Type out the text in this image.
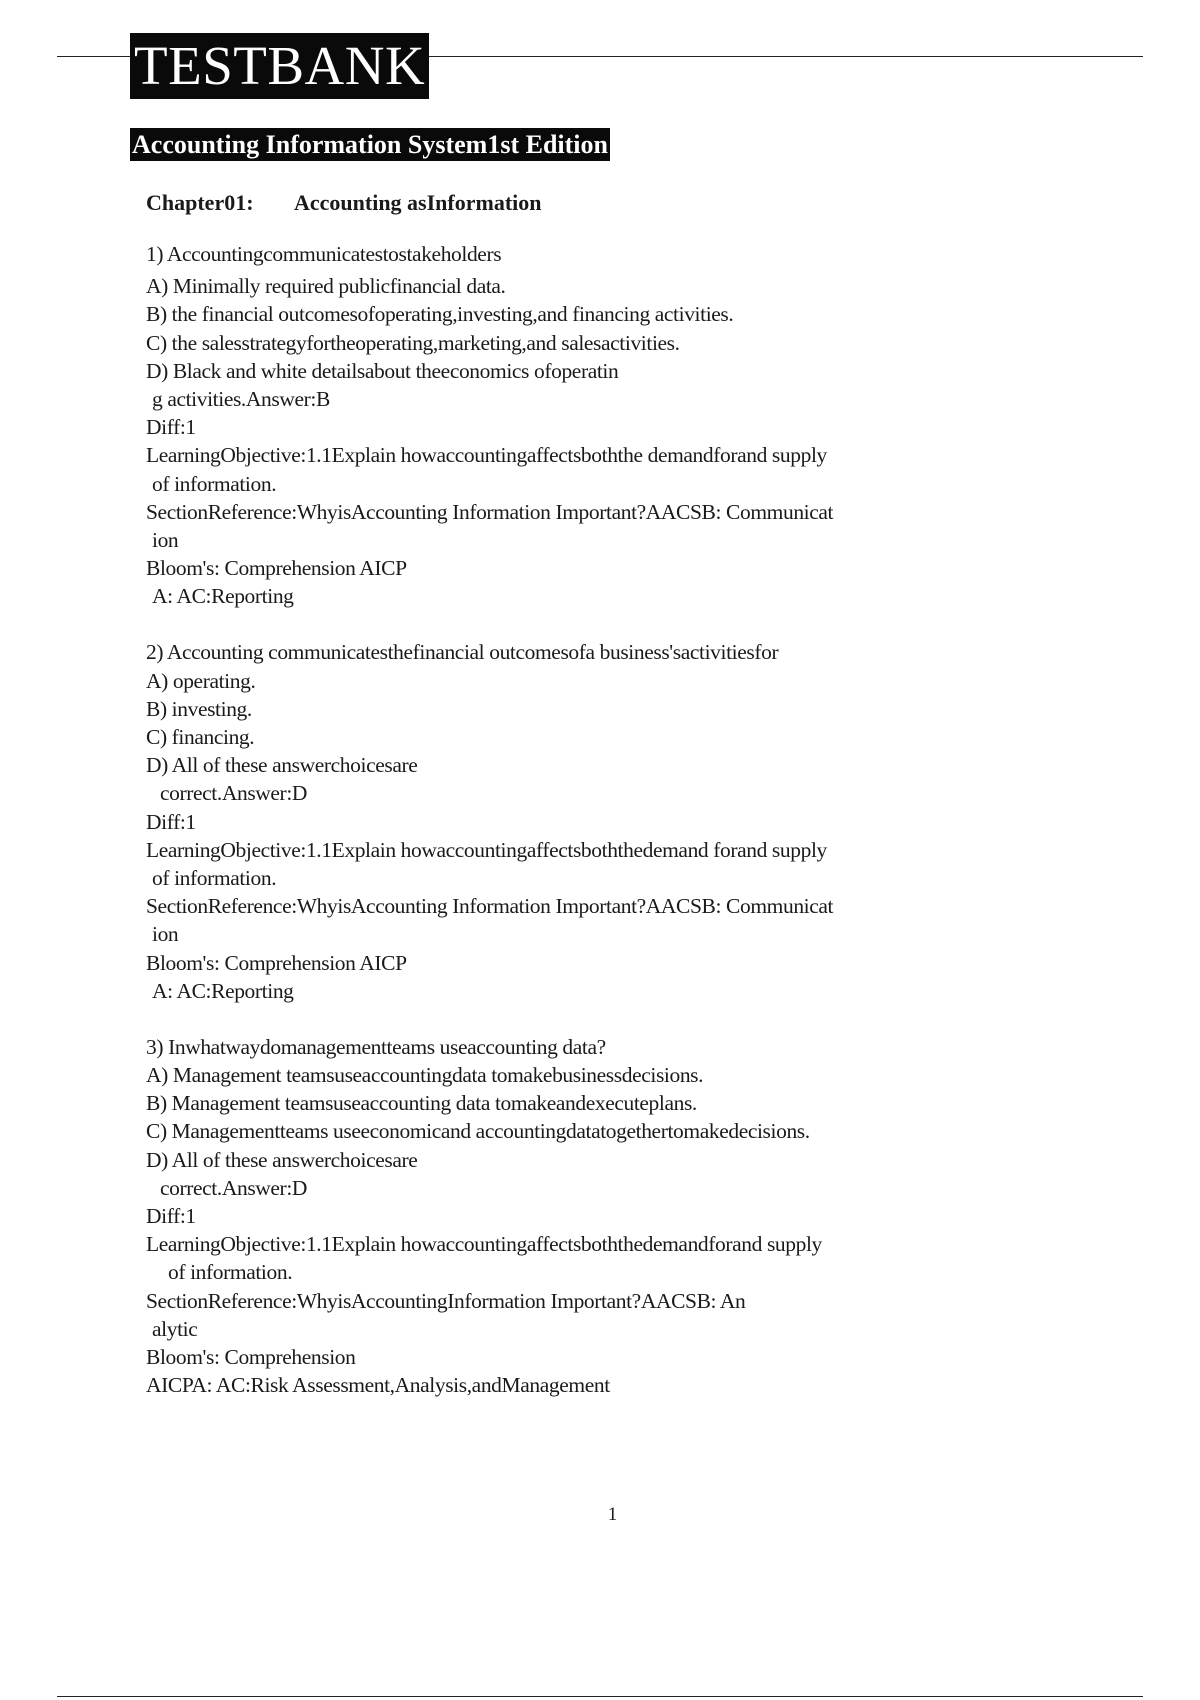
TESTBANK
Accounting Information System1st Edition
Chapter01: Accounting asInformation
1) Accountingcommunicatestostakeholders
A) Minimally required publicfinancial data.
B) the financial outcomesofoperating,investing,and financing activities.
C) the salesstrategyfortheoperating,marketing,and salesactivities.
D) Black and white detailsabout theeconomics ofoperatin
g activities.Answer:B
Diff:1
LearningObjective:1.1Explain howaccountingaffectsboththe demandforand supply
of information.
SectionReference:WhyisAccounting Information Important?AACSB: Communicat
ion
Bloom's: Comprehension AICP
A: AC:Reporting
2) Accounting communicatesthefinancial outcomesofa business'sactivitiesfor
A) operating.
B) investing.
C) financing.
D) All of these answerchoicesare
correct.Answer:D
Diff:1
LearningObjective:1.1Explain howaccountingaffectsboththedemand forand supply
of information.
SectionReference:WhyisAccounting Information Important?AACSB: Communicat
ion
Bloom's: Comprehension AICP
A: AC:Reporting
3) Inwhatwaydomanagementteams useaccounting data?
A) Management teamsuseaccountingdata tomakebusinessdecisions.
B) Management teamsuseaccounting data tomakeandexecuteplans.
C) Managementteams useeconomicand accountingdatatogethertomakedecisions.
D) All of these answerchoicesare
correct.Answer:D
Diff:1
LearningObjective:1.1Explain howaccountingaffectsboththedemandforand supply
of information.
SectionReference:WhyisAccountingInformation Important?AACSB: An
alytic
Bloom's: Comprehension
AICPA: AC:Risk Assessment,Analysis,andManagement
1
